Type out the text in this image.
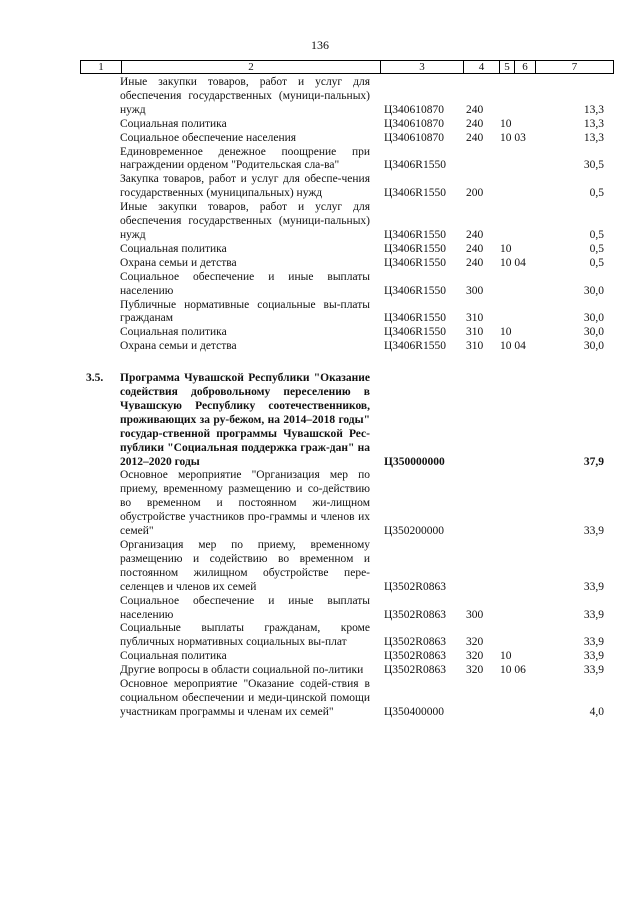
136
1	2	3	4	5	6	7
Иные закупки товаров, работ и услуг для обеспечения государственных (муници-пальных) нужд	Ц340610870 240	13,3
Социальная политика	Ц340610870 240 10	13,3
Социальное обеспечение населения	Ц340610870 240 10 03	13,3
Единовременное денежное поощрение при награждении орденом "Родительская сла-ва"	Ц3406R1550	30,5
Закупка товаров, работ и услуг для обеспе-чения государственных (муниципальных) нужд	Ц3406R1550 200	0,5
Иные закупки товаров, работ и услуг для обеспечения государственных (муници-пальных) нужд	Ц3406R1550 240	0,5
Социальная политика	Ц3406R1550 240 10	0,5
Охрана семьи и детства	Ц3406R1550 240 10 04	0,5
Социальное обеспечение и иные выплаты населению	Ц3406R1550 300	30,0
Публичные нормативные социальные вы-платы гражданам	Ц3406R1550 310	30,0
Социальная политика	Ц3406R1550 310 10	30,0
Охрана семьи и детства	Ц3406R1550 310 10 04	30,0
3.5. Программа Чувашской Республики "Оказание содействия добровольному переселению в Чувашскую Республику соотечественников, проживающих за ру-бежом, на 2014–2018 годы" государ-ственной программы Чувашской Рес-публики "Социальная поддержка граж-дан" на 2012–2020 годы	Ц350000000	37,9
Основное мероприятие "Организация мер по приему, временному размещению и со-действию во временном и постоянном жи-лищном обустройстве участников про-граммы и членов их семей"	Ц350200000	33,9
Организация мер по приему, временному размещению и содействию во временном и постоянном жилищном обустройстве пере-селенцев и членов их семей	Ц3502R0863	33,9
Социальное обеспечение и иные выплаты населению	Ц3502R0863 300	33,9
Социальные выплаты гражданам, кроме публичных нормативных социальных вы-плат	Ц3502R0863 320	33,9
Социальная политика	Ц3502R0863 320 10	33,9
Другие вопросы в области социальной по-литики	Ц3502R0863 320 10 06	33,9
Основное мероприятие "Оказание содей-ствия в социальном обеспечении и меди-цинской помощи участникам программы и членам их семей"	Ц350400000	4,0
